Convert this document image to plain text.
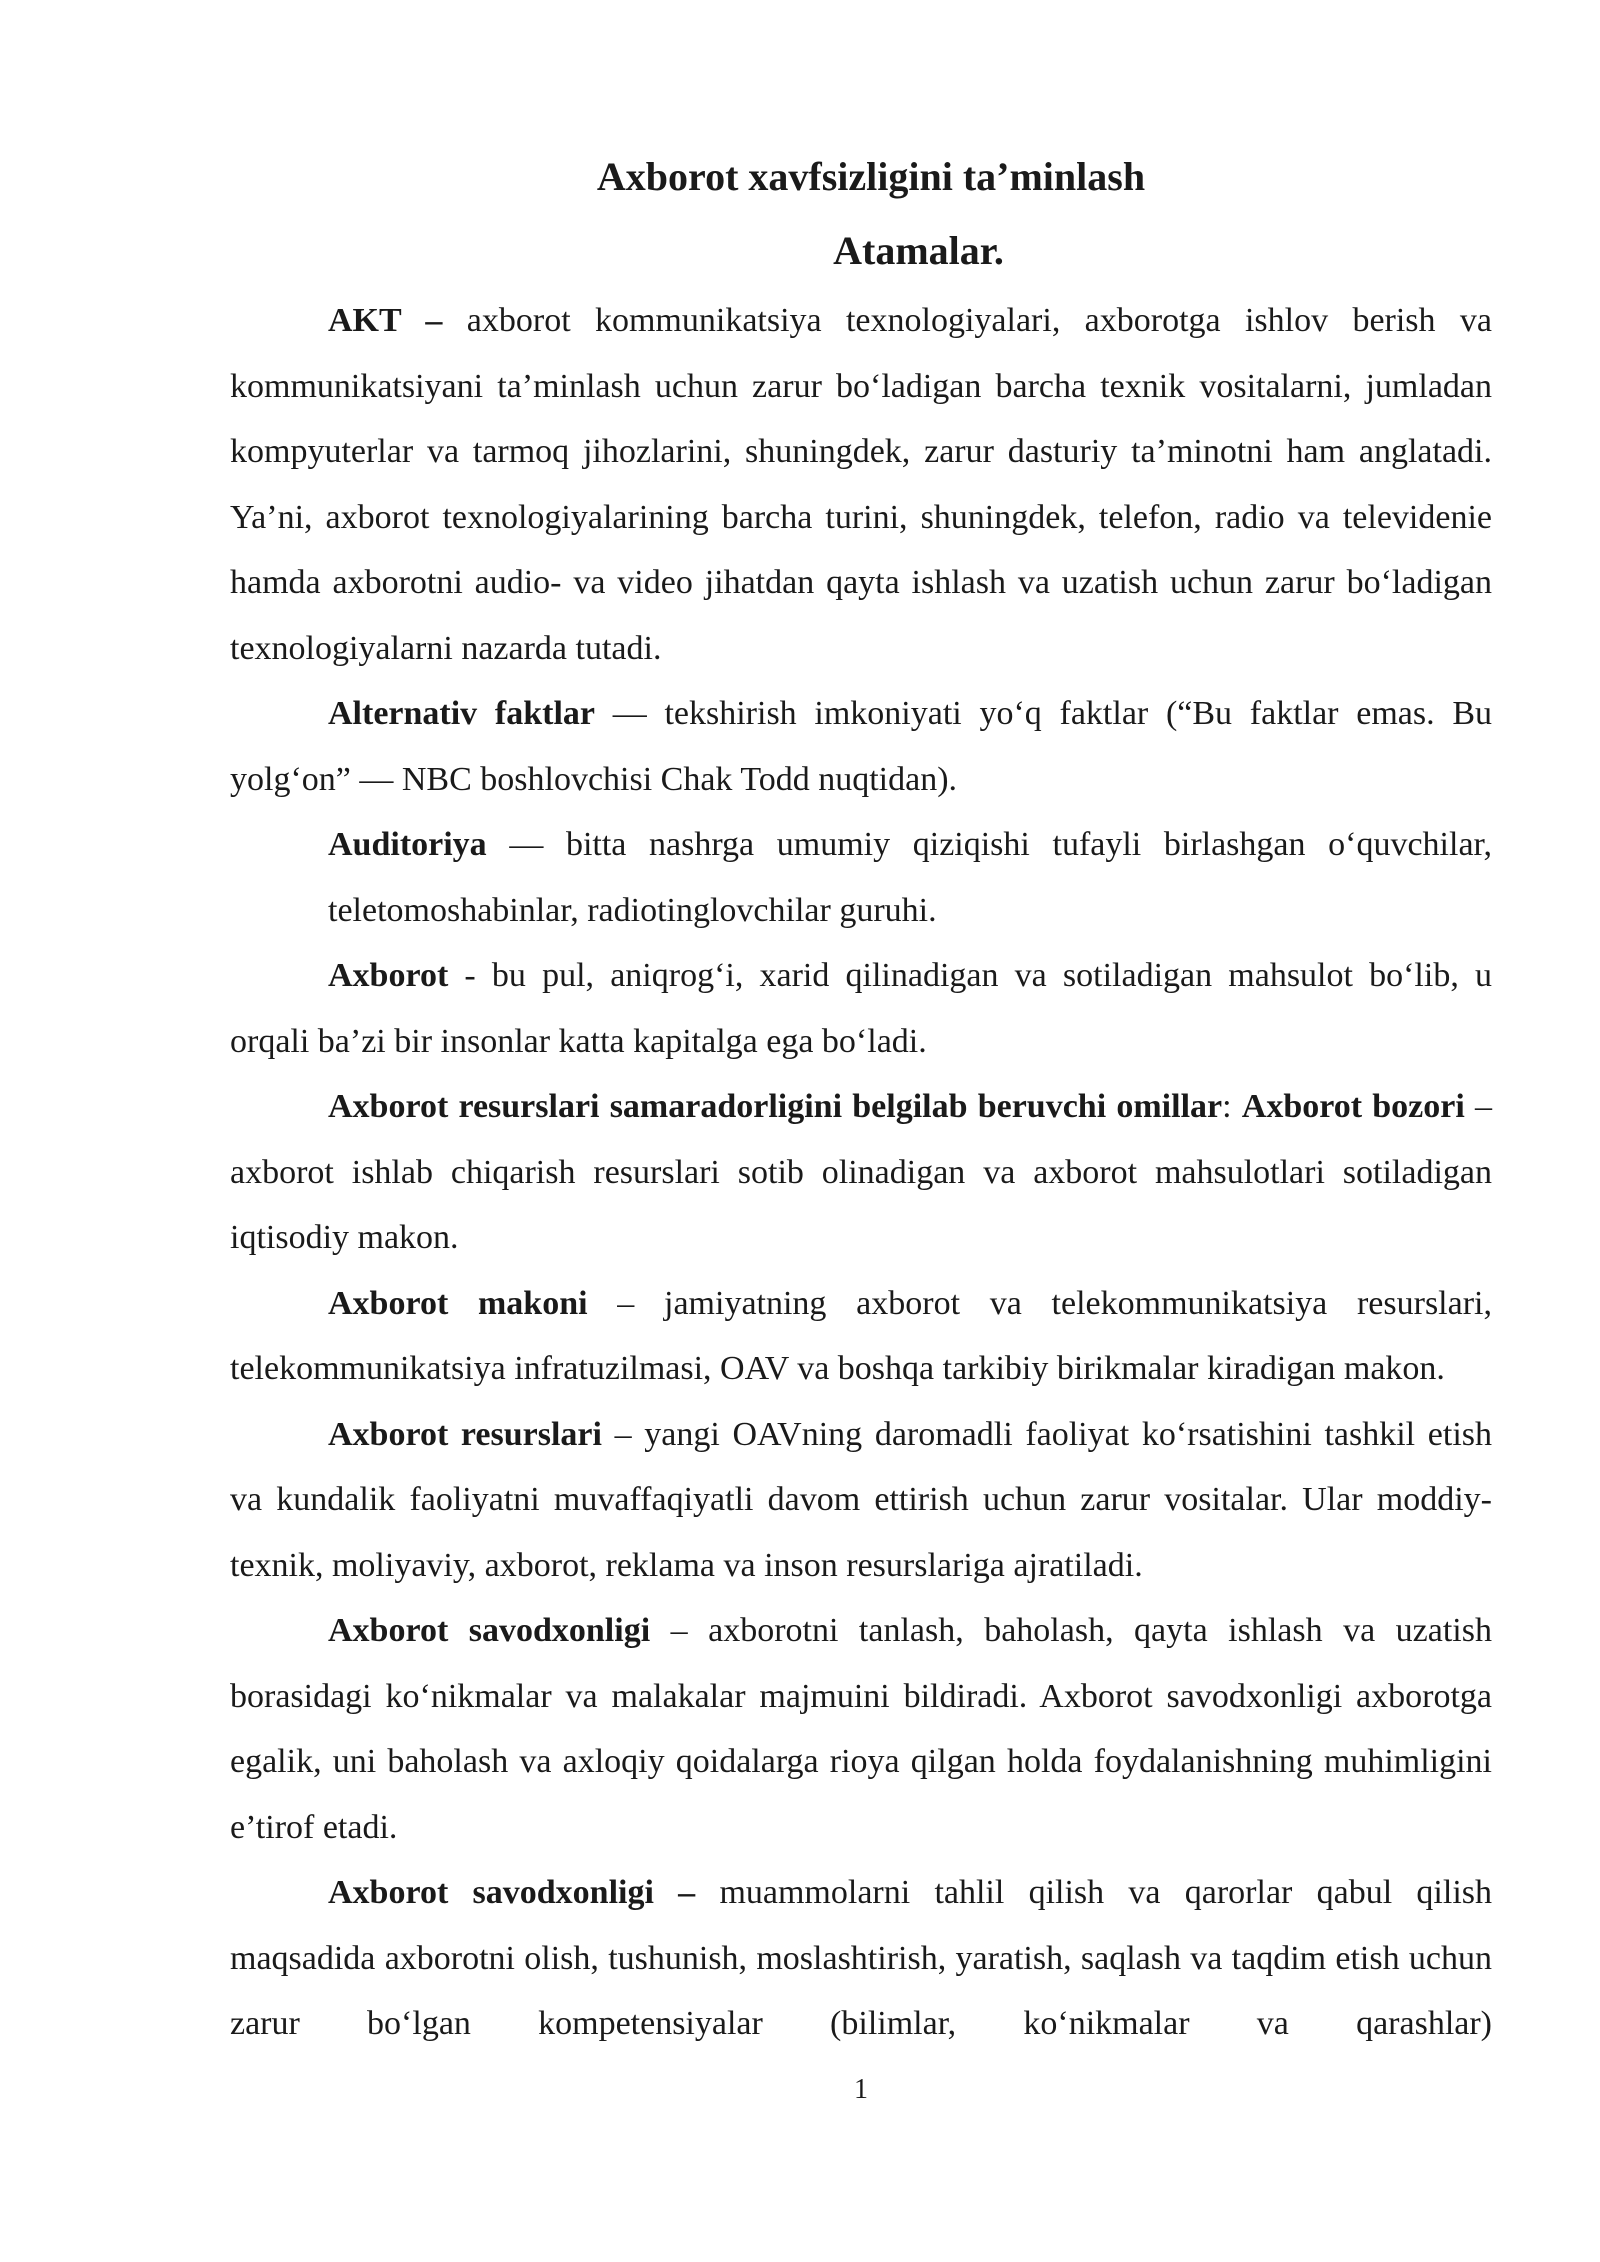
Axborot xavfsizligini ta’minlash

Atamalar.

AKT – axborot kommunikatsiya texnologiyalari, axborotga ishlov berish va kommunikatsiyani ta’minlash uchun zarur bo‘ladigan barcha texnik vositalarni, jumladan kompyuterlar va tarmoq jihozlarini, shuningdek, zarur dasturiy ta’minotni ham anglatadi. Ya’ni, axborot texnologiyalarining barcha turini, shuningdek, telefon, radio va televidenie hamda axborotni audio- va video jihatdan qayta ishlash va uzatish uchun zarur bo‘ladigan texnologiyalarni nazarda tutadi.

Alternativ faktlar — tekshirish imkoniyati yo‘q faktlar (“Bu faktlar emas. Bu yolg‘on” — NBC boshlovchisi Chak Todd nuqtidan).

Auditoriya — bitta nashrga umumiy qiziqishi tufayli birlashgan o‘quvchilar, teletomoshabinlar, radiotinglovchilar guruhi.

Axborot - bu pul, aniqrog‘i, xarid qilinadigan va sotiladigan mahsulot bo‘lib, u orqali ba’zi bir insonlar katta kapitalga ega bo‘ladi.

Axborot resurslari samaradorligini belgilab beruvchi omillar: Axborot bozori – axborot ishlab chiqarish resurslari sotib olinadigan va axborot mahsulotlari sotiladigan iqtisodiy makon.

Axborot makoni – jamiyatning axborot va telekommunikatsiya resurslari, telekommunikatsiya infratuzilmasi, OAV va boshqa tarkibiy birikmalar kiradigan makon.

Axborot resurslari – yangi OAVning daromadli faoliyat ko‘rsatishini tashkil etish va kundalik faoliyatni muvaffaqiyatli davom ettirish uchun zarur vositalar. Ular moddiy- texnik, moliyaviy, axborot, reklama va inson resurslariga ajratiladi.

Axborot savodxonligi – axborotni tanlash, baholash, qayta ishlash va uzatish borasidagi ko‘nikmalar va malakalar majmuini bildiradi. Axborot savodxonligi axborotga egalik, uni baholash va axloqiy qoidalarga rioya qilgan holda foydalanishning muhimligini e’tirof etadi.

Axborot savodxonligi – muammolarni tahlil qilish va qarorlar qabul qilish maqsadida axborotni olish, tushunish, moslashtirish, yaratish, saqlash va taqdim etish uchun zarur bo‘lgan kompetensiyalar (bilimlar, ko‘nikmalar va qarashlar)

1
